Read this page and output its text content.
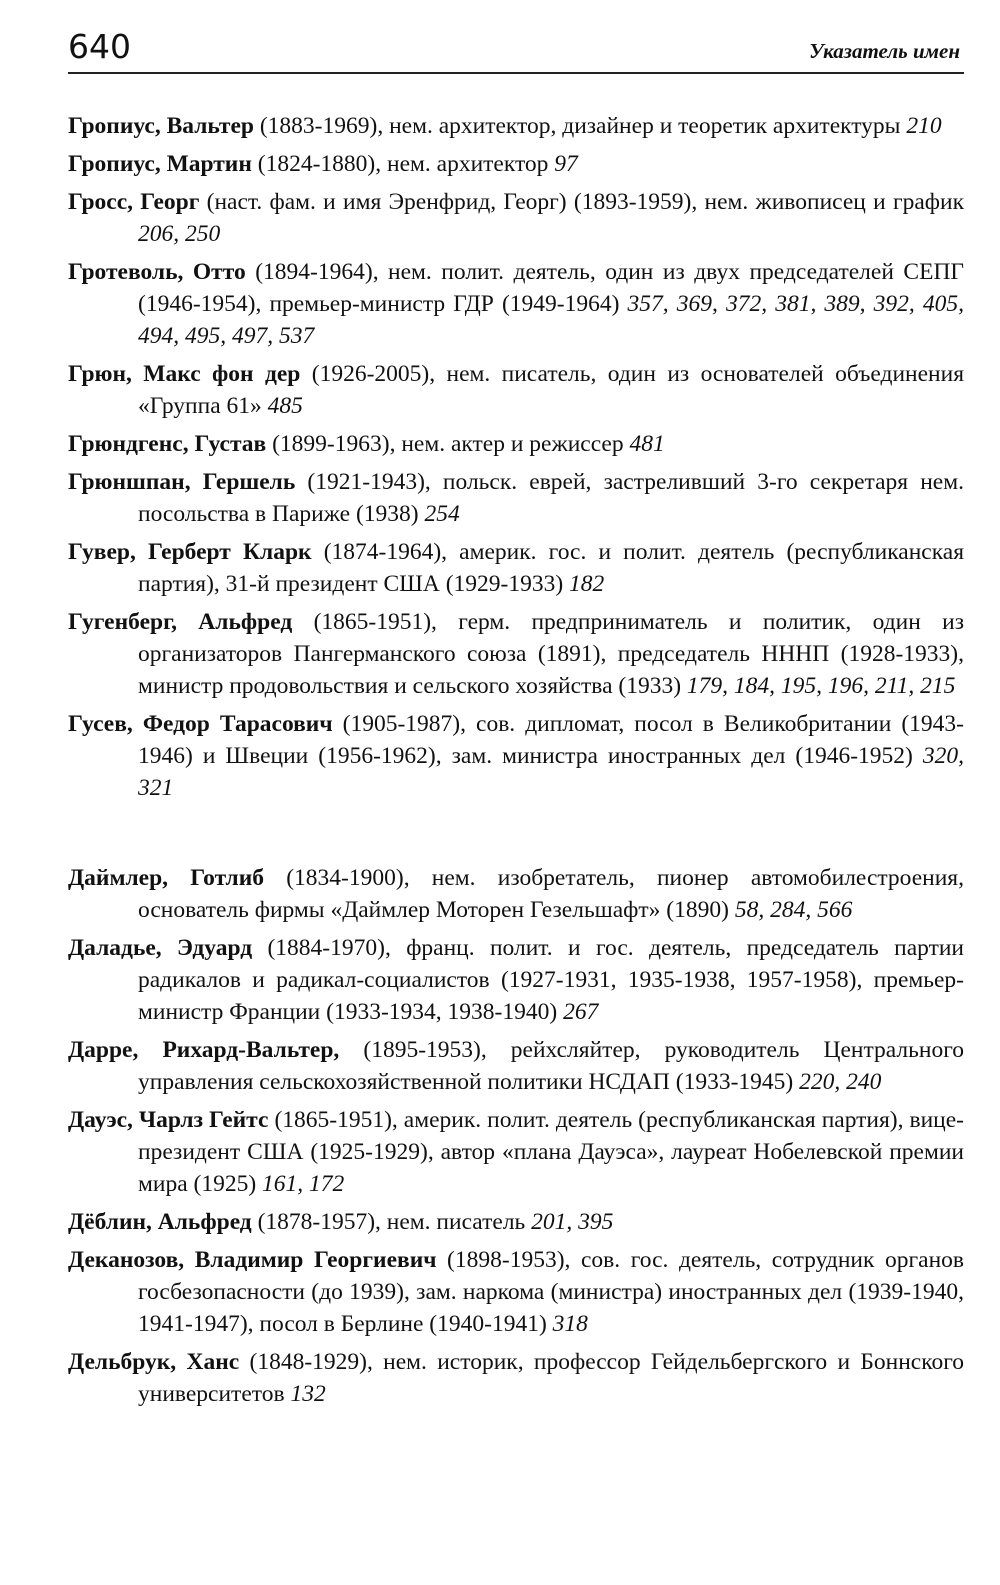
640	Указатель имен

Гропиус, Вальтер (1883-1969), нем. архитектор, дизайнер и теоретик архитектуры 210

Гропиус, Мартин (1824-1880), нем. архитектор 97

Гросс, Георг (наст. фам. и имя Эренфрид, Георг) (1893-1959), нем. живописец и график 206, 250

Гротеволь, Отто (1894-1964), нем. полит. деятель, один из двух председателей СЕПГ (1946-1954), премьер-министр ГДР (1949-1964) 357, 369, 372, 381, 389, 392, 405, 494, 495, 497, 537

Грюн, Макс фон дер (1926-2005), нем. писатель, один из основателей объединения «Группа 61» 485

Грюндгенс, Густав (1899-1963), нем. актер и режиссер 481

Грюншпан, Гершель (1921-1943), польск. еврей, застреливший 3-го секретаря нем. посольства в Париже (1938) 254

Гувер, Герберт Кларк (1874-1964), америк. гос. и полит. деятель (республиканская партия), 31-й президент США (1929-1933) 182

Гугенберг, Альфред (1865-1951), герм. предприниматель и политик, один из организаторов Пангерманского союза (1891), председатель ННHП (1928-1933), министр продовольствия и сельского хозяйства (1933) 179, 184, 195, 196, 211, 215

Гусев, Федор Тарасович (1905-1987), сов. дипломат, посол в Великобритании (1943-1946) и Швеции (1956-1962), зам. министра иностранных дел (1946-1952) 320, 321

Даймлер, Готлиб (1834-1900), нем. изобретатель, пионер автомобилестроения, основатель фирмы «Даймлер Моторен Гезельшафт» (1890) 58, 284, 566

Даладье, Эдуард (1884-1970), франц. полит. и гос. деятель, председатель партии радикалов и радикал-социалистов (1927-1931, 1935-1938, 1957-1958), премьер-министр Франции (1933-1934, 1938-1940) 267

Дарре, Рихард-Вальтер, (1895-1953), рейхсляйтер, руководитель Центрального управления сельскохозяйственной политики НСДАП (1933-1945) 220, 240

Дауэс, Чарлз Гейтс (1865-1951), америк. полит. деятель (республиканская партия), вице-президент США (1925-1929), автор «плана Дауэса», лауреат Нобелевской премии мира (1925) 161, 172

Дёблин, Альфред (1878-1957), нем. писатель 201, 395

Деканозов, Владимир Георгиевич (1898-1953), сов. гос. деятель, сотрудник органов госбезопасности (до 1939), зам. наркома (министра) иностранных дел (1939-1940, 1941-1947), посол в Берлине (1940-1941) 318

Дельбрук, Ханс (1848-1929), нем. историк, профессор Гейдельбергского и Боннского университетов 132
